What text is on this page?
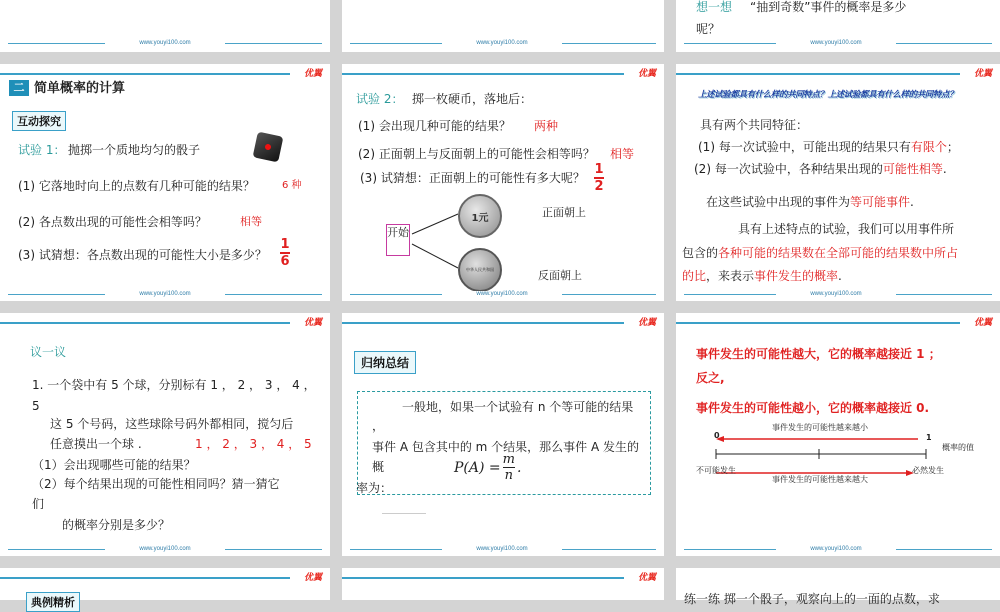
www.youyi100.com	www.youyi100.com
想一想 “抽到奇数”事件的概率是多少
呢？
www.youyi100.com
优翼
二 简单概率的计算
互动探究
试验 1： 抛掷一个质地均匀的骰子
(1) 它落地时向上的点数有几种可能的结果？	6 种
(2) 各点数出现的可能性会相等吗？	相等
(3) 试猜想：各点数出现的可能性大小是多少？
1
6
www.youyi100.com
优翼
试验 2： 掷一枚硬币，落地后：
(1) 会出现几种可能的结果？ 两种
(2) 正面朝上与反面朝上的可能性会相等吗？ 相等
(3) 试猜想：正面朝上的可能性有多大呢？
1
2
开始
1元
中华人民共和国
正面朝上
反面朝上
www.youyi100.com
优翼
上述试验都具有什么样的共同特点？上述试验都具有什么样的共同特点？
具有两个共同特征：
(1) 每一次试验中，可能出现的结果只有有限个；
(2) 每一次试验中，各种结果出现的可能性相等.
在这些试验中出现的事件为等可能事件.
具有上述特点的试验，我们可以用事件所
包含的各种可能的结果数在全部可能的结果数中所占
的比，来表示事件发生的概率.
www.youyi100.com
优翼
议一议
1. 一个袋中有 5 个球，分别标有 1 ， 2 ， 3 ， 4 ，
5
这 5 个号码，这些球除号码外都相同，搅匀后
任意摸出一个球 .	1 ， 2 ， 3 ， 4 ， 5
（1）会出现哪些可能的结果？
（2）每个结果出现的可能性相同吗？猜一猜它
们
的概率分别是多少？
www.youyi100.com
优翼
归纳总结
一般地，如果一个试验有 n 个等可能的结果
，
事件 A 包含其中的 m 个结果，那么事件 A 发生的
概
率为：
P(A) = m
n .
www.youyi100.com
优翼
事件发生的可能性越大，它的概率越接近 1 ；
反之,
事件发生的可能性越小，它的概率越接近 0.
事件发生的可能性越来越小
0	1
概率的值
不可能发生	必然发生
事件发生的可能性越来越大
www.youyi100.com
优翼
典例精析
优翼
练一练 掷一个骰子，观察向上的一面的点数，求
